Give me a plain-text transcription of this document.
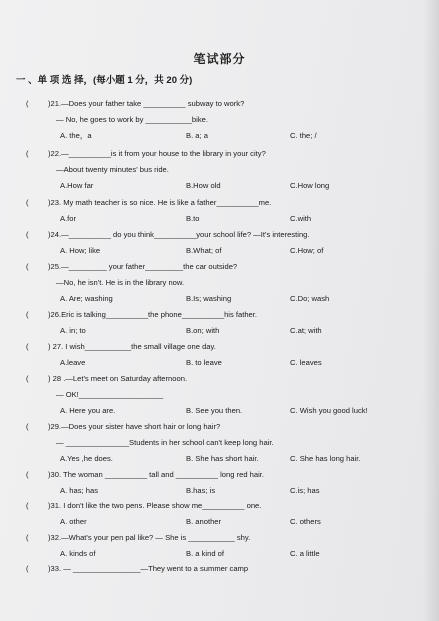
笔试部分
一 、单 项 选 择，(每小题 1 分，共 20 分)
(	)21.—Does your father take __________ subway to work?
— No, he goes to work by ___________bike.
A. the，a	B. a; a	C. the; /
(	)22.—__________is it from your house to the library in your city?
—About twenty minutes' bus ride.
A.How far	B.How old	C.How long
(	)23. My math teacher is so nice. He is like a father__________me.
A.for	B.to	C.with
(	)24.—__________ do you think__________your school life? —It's interesting.
A. How; like	B.What; of	C.How; of
(	)25.—_________ your father_________the car outside?
—No, he isn't. He is in the library now.
A. Are; washing	B.Is; washing	C.Do; wash
(	)26.Eric is talking__________the phone__________his father.
A. in; to	B.on; with	C.at; with
(	) 27. I wish___________the small village one day.
A.leave	B. to leave	C. leaves
(	) 28 .—Let's meet on Saturday afternoon.
— OK!____________________
A. Here you are.	B. See you then.	C. Wish you good luck!
(	)29.—Does your sister have short hair or long hair?
— _______________Students in her school can't keep long hair.
A.Yes ,he does.	B. She has short hair.	C. She has long hair.
(	)30. The woman __________ tall and __________ long red hair.
A. has; has	B.has; is	C.is; has
(	)31. I don't like the two pens. Please show me__________ one.
A. other	B. another	C. others
(	)32.—What's your pen pal like? — She is ___________ shy.
A. kinds of	B. a kind of	C. a little
(	)33. — ________________—They went to a summer camp
